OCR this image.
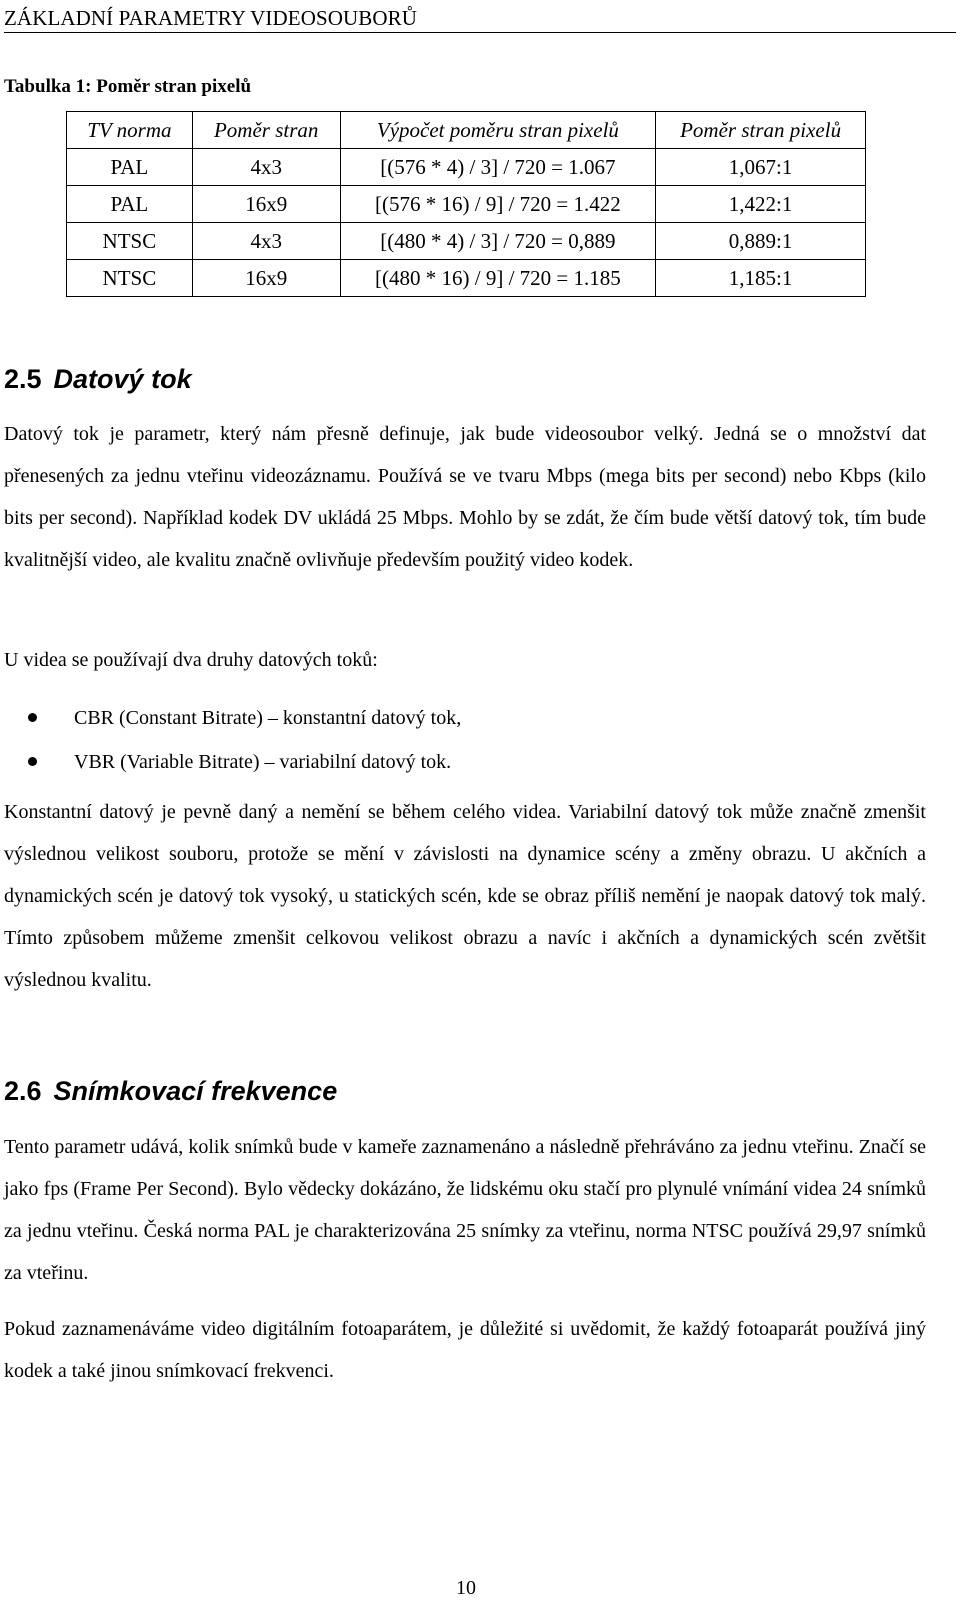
ZÁKLADNÍ PARAMETRY VIDEOSOUBORŮ
Tabulka 1: Poměr stran pixelů
TV norma	Poměr stran	Výpočet poměru stran pixelů	Poměr stran pixelů
PAL	4x3	[(576 * 4) / 3] / 720 = 1.067	1,067:1
PAL	16x9	[(576 * 16) / 9] / 720 = 1.422	1,422:1
NTSC	4x3	[(480 * 4) / 3] / 720 = 0,889	0,889:1
NTSC	16x9	[(480 * 16) / 9] / 720 = 1.185	1,185:1
2.5 Datový tok

Datový tok je parametr, který nám přesně definuje, jak bude videosoubor velký. Jedná se o množství dat přenesených za jednu vteřinu videozáznamu. Používá se ve tvaru Mbps (mega bits per second) nebo Kbps (kilo bits per second). Například kodek DV ukládá 25 Mbps. Mohlo by se zdát, že čím bude větší datový tok, tím bude kvalitnější video, ale kvalitu značně ovlivňuje především použitý video kodek.

U videa se používají dva druhy datových toků:

CBR (Constant Bitrate) – konstantní datový tok,
VBR (Variable Bitrate) – variabilní datový tok.

Konstantní datový je pevně daný a nemění se během celého videa. Variabilní datový tok může značně zmenšit výslednou velikost souboru, protože se mění v závislosti na dynamice scény a změny obrazu. U akčních a dynamických scén je datový tok vysoký, u statických scén, kde se obraz příliš nemění je naopak datový tok malý. Tímto způsobem můžeme zmenšit celkovou velikost obrazu a navíc i akčních a dynamických scén zvětšit výslednou kvalitu.

2.6 Snímkovací frekvence

Tento parametr udává, kolik snímků bude v kameře zaznamenáno a následně přehráváno za jednu vteřinu. Značí se jako fps (Frame Per Second). Bylo vědecky dokázáno, že lidskému oku stačí pro plynulé vnímání videa 24 snímků za jednu vteřinu. Česká norma PAL je charakterizována 25 snímky za vteřinu, norma NTSC používá 29,97 snímků za vteřinu.

Pokud zaznamenáváme video digitálním fotoaparátem, je důležité si uvědomit, že každý fotoaparát používá jiný kodek a také jinou snímkovací frekvenci.

10
